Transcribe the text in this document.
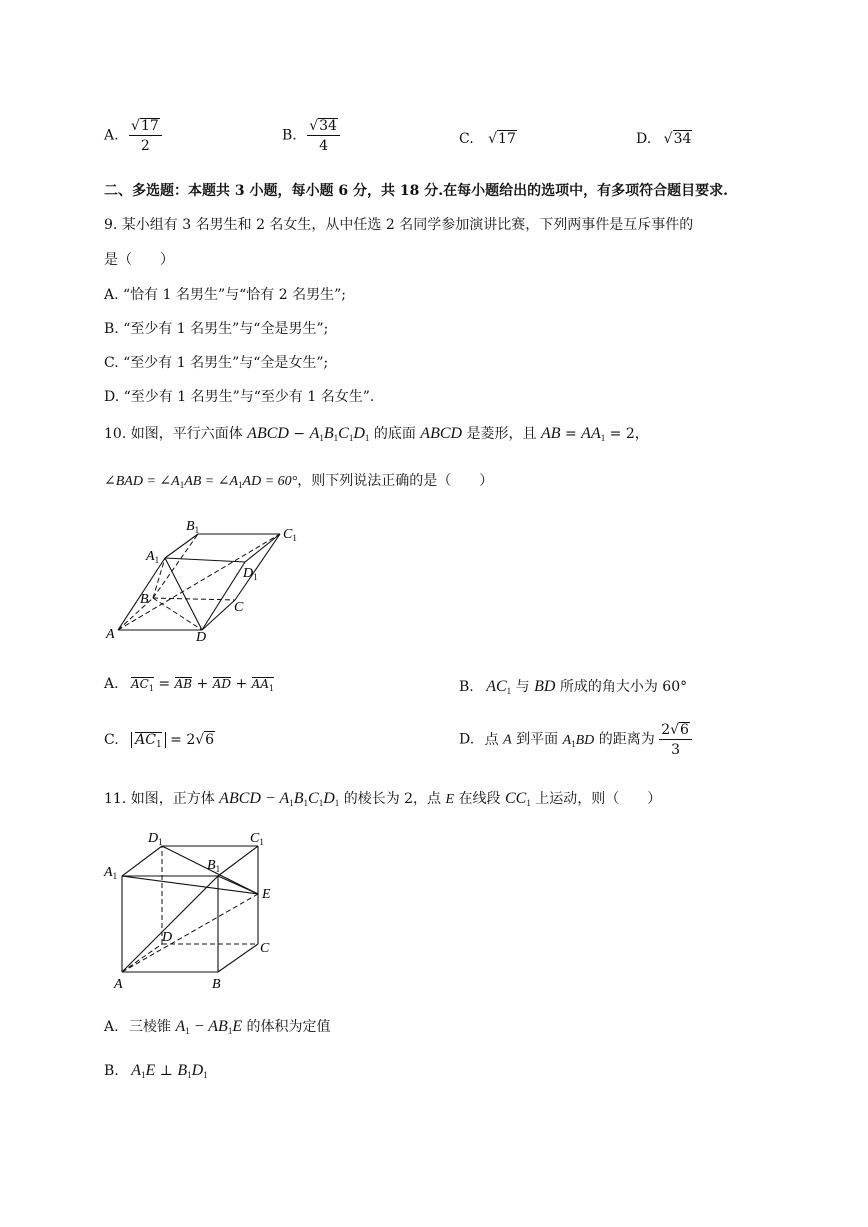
A. $\frac{√17}{2}$	B. $\frac{√34}{4}$	C. √17	D. √34
二、多选题：本题共 3 小题，每小题 6 分，共 18 分.在每小题给出的选项中，有多项符合题目要求.
9. 某小组有 3 名男生和 2 名女生，从中任选 2 名同学参加演讲比赛，下列两事件是互斥事件的
是（　　）
A. “恰有 1 名男生”与“恰有 2 名男生”;
B. “至少有 1 名男生”与“全是男生”;
C. “至少有 1 名男生”与“全是女生”;
D. “至少有 1 名男生”与“至少有 1 名女生”.
10. 如图，平行六面体 ABCD − $A_1B_1C_1D_1$ 的底面 ABCD 是菱形，且 AB = $AA_1 = 2$，
∠BAD = $\angle A_1AB$ = $\angle A_1AD = 60^\circ$，则下列说法正确的是（　　）
$B_1$	$C_1$
$A_1$
$D_1$
B
C
A	D
A. $AC_1$ = AB + AD + $AA_1$	B. $AC_1$ 与 BD 所成的角大小为 60°
C. $AC_1 = 2√6$	D. 点 A 到平面 $A_1BD$ 的距离为 $\frac{2√6}{3}$
11. 如图，正方体 ABCD − $A_1B_1C_1D_1$ 的棱长为 2，点 E 在线段 $CC_1$ 上运动，则（　　）
$D_1$	$C_1$
$B_1$
$A_1$
E
D
C
A	B
A. 三棱锥 $A_1 - AB_1E$ 的体积为定值
B. $A_1E$ ⊥ $B_1D_1$
